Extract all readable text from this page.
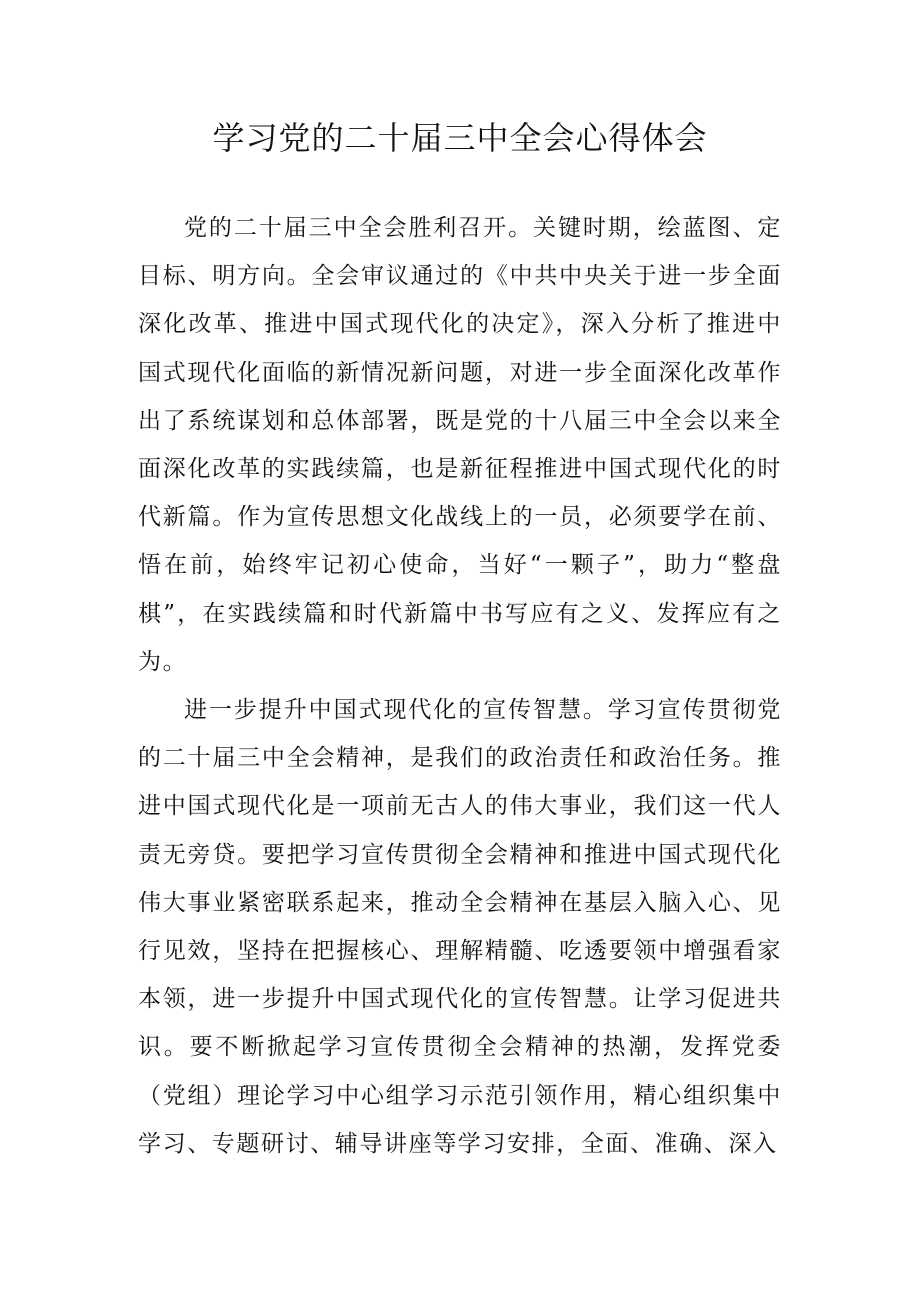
学习党的二十届三中全会心得体会

党的二十届三中全会胜利召开。关键时期，绘蓝图、定目标、明方向。全会审议通过的《中共中央关于进一步全面深化改革、推进中国式现代化的决定》，深入分析了推进中国式现代化面临的新情况新问题，对进一步全面深化改革作出了系统谋划和总体部署，既是党的十八届三中全会以来全面深化改革的实践续篇，也是新征程推进中国式现代化的时代新篇。作为宣传思想文化战线上的一员，必须要学在前、悟在前，始终牢记初心使命，当好“一颗子”，助力“整盘棋”，在实践续篇和时代新篇中书写应有之义、发挥应有之为。

进一步提升中国式现代化的宣传智慧。学习宣传贯彻党的二十届三中全会精神，是我们的政治责任和政治任务。推进中国式现代化是一项前无古人的伟大事业，我们这一代人责无旁贷。要把学习宣传贯彻全会精神和推进中国式现代化伟大事业紧密联系起来，推动全会精神在基层入脑入心、见行见效，坚持在把握核心、理解精髓、吃透要领中增强看家本领，进一步提升中国式现代化的宣传智慧。让学习促进共识。要不断掀起学习宣传贯彻全会精神的热潮，发挥党委（党组）理论学习中心组学习示范引领作用，精心组织集中学习、专题研讨、辅导讲座等学习安排，全面、准确、深入
